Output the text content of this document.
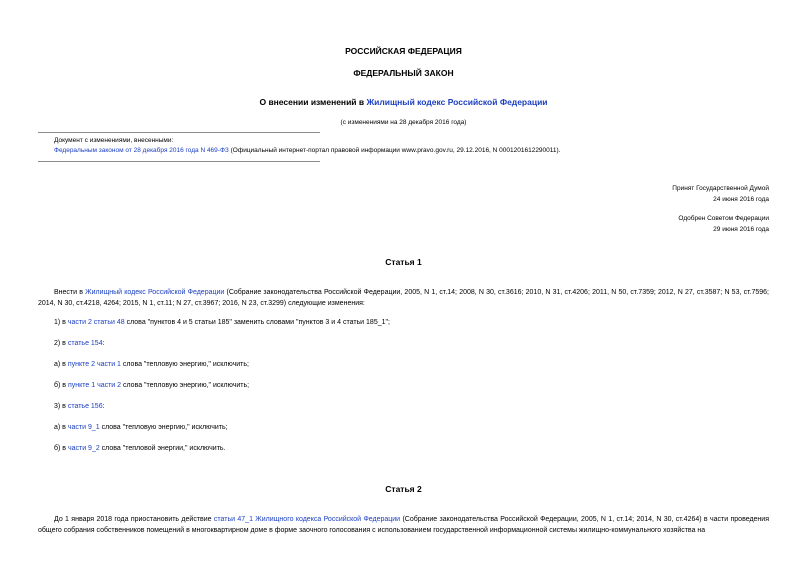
РОССИЙСКАЯ ФЕДЕРАЦИЯ
ФЕДЕРАЛЬНЫЙ ЗАКОН
О внесении изменений в Жилищный кодекс Российской Федерации
(с изменениями на 28 декабря 2016 года)
Документ с изменениями, внесенными:
Федеральным законом от 28 декабря 2016 года N 469-ФЗ (Официальный интернет-портал правовой информации www.pravo.gov.ru, 29.12.2016, N 0001201612290011).
Принят Государственной Думой
24 июня 2016 года
Одобрен Советом Федерации
29 июня 2016 года
Статья 1
Внести в Жилищный кодекс Российской Федерации (Собрание законодательства Российской Федерации, 2005, N 1, ст.14; 2008, N 30, ст.3616; 2010, N 31, ст.4206; 2011, N 50, ст.7359; 2012, N 27, ст.3587; N 53, ст.7596; 2014, N 30, ст.4218, 4264; 2015, N 1, ст.11; N 27, ст.3967; 2016, N 23, ст.3299) следующие изменения:
1) в части 2 статьи 48 слова "пунктов 4 и 5 статьи 185" заменить словами "пунктов 3 и 4 статьи 185_1";
2) в статье 154:
а) в пункте 2 части 1 слова "тепловую энергию," исключить;
б) в пункте 1 части 2 слова "тепловую энергию," исключить;
3) в статье 156:
а) в части 9_1 слова "тепловую энергию," исключить;
б) в части 9_2 слова "тепловой энергии," исключить.
Статья 2
До 1 января 2018 года приостановить действие статьи 47_1 Жилищного кодекса Российской Федерации (Собрание законодательства Российской Федерации, 2005, N 1, ст.14; 2014, N 30, ст.4264) в части проведения общего собрания собственников помещений в многоквартирном доме в форме заочного голосования с использованием государственной информационной системы жилищно-коммунального хозяйства на
